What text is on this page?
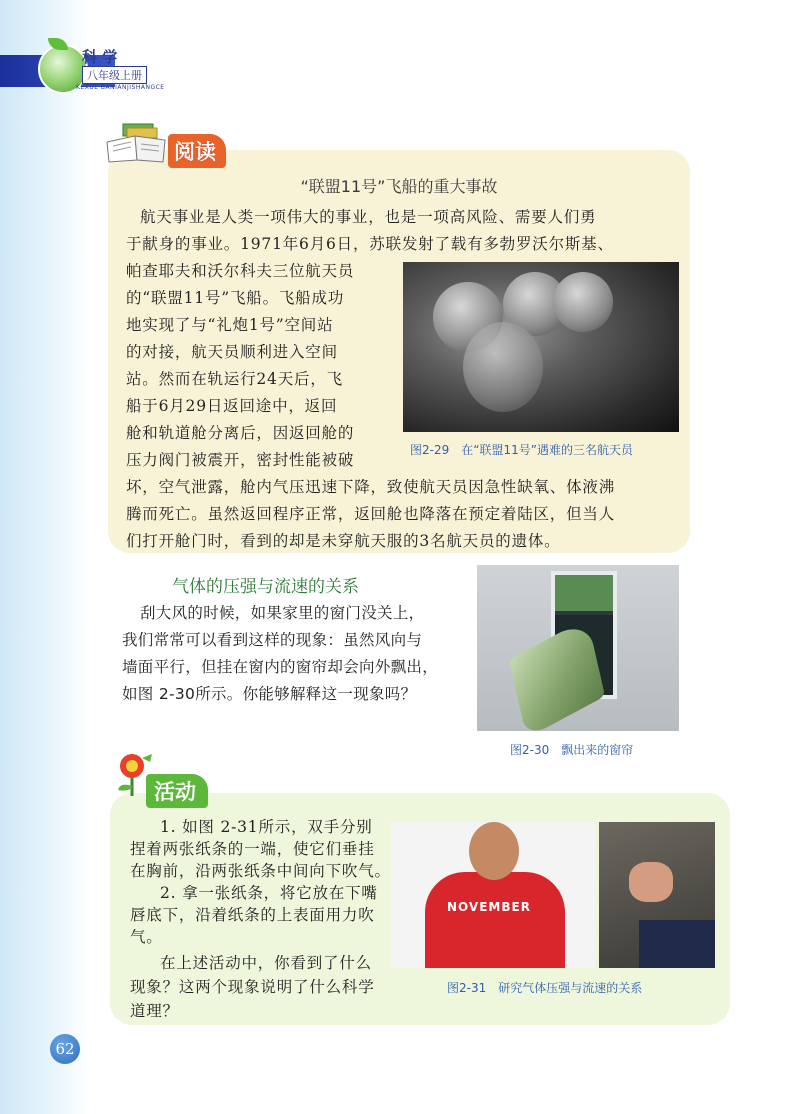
科 学
八年级上册
KEXUE BANIANJISHANGCE
阅读
“联盟11号”飞船的重大事故
航天事业是人类一项伟大的事业，也是一项高风险、需要人们勇
于献身的事业。1971年6月6日，苏联发射了载有多勃罗沃尔斯基、
帕查耶夫和沃尔科夫三位航天员
的“联盟11号”飞船。飞船成功
地实现了与“礼炮1号”空间站
的对接，航天员顺利进入空间
站。然而在轨运行24天后，飞
船于6月29日返回途中，返回
舱和轨道舱分离后，因返回舱的
压力阀门被震开，密封性能被破
坏，空气泄露，舱内气压迅速下降，致使航天员因急性缺氧、体液沸
腾而死亡。虽然返回程序正常，返回舱也降落在预定着陆区，但当人
们打开舱门时，看到的却是未穿航天服的3名航天员的遗体。
图2-29　在“联盟11号”遇难的三名航天员
气体的压强与流速的关系
刮大风的时候，如果家里的窗门没关上，
我们常常可以看到这样的现象：虽然风向与
墙面平行，但挂在窗内的窗帘却会向外飘出，
如图 2-30所示。你能够解释这一现象吗？
图2-30　飘出来的窗帘
活动
1. 如图 2-31所示，双手分别
捏着两张纸条的一端，使它们垂挂
在胸前，沿两张纸条中间向下吹气。
2. 拿一张纸条，将它放在下嘴
唇底下，沿着纸条的上表面用力吹
气。
在上述活动中，你看到了什么
现象？这两个现象说明了什么科学
道理？
NOVEMBER
图2-31　研究气体压强与流速的关系
62
